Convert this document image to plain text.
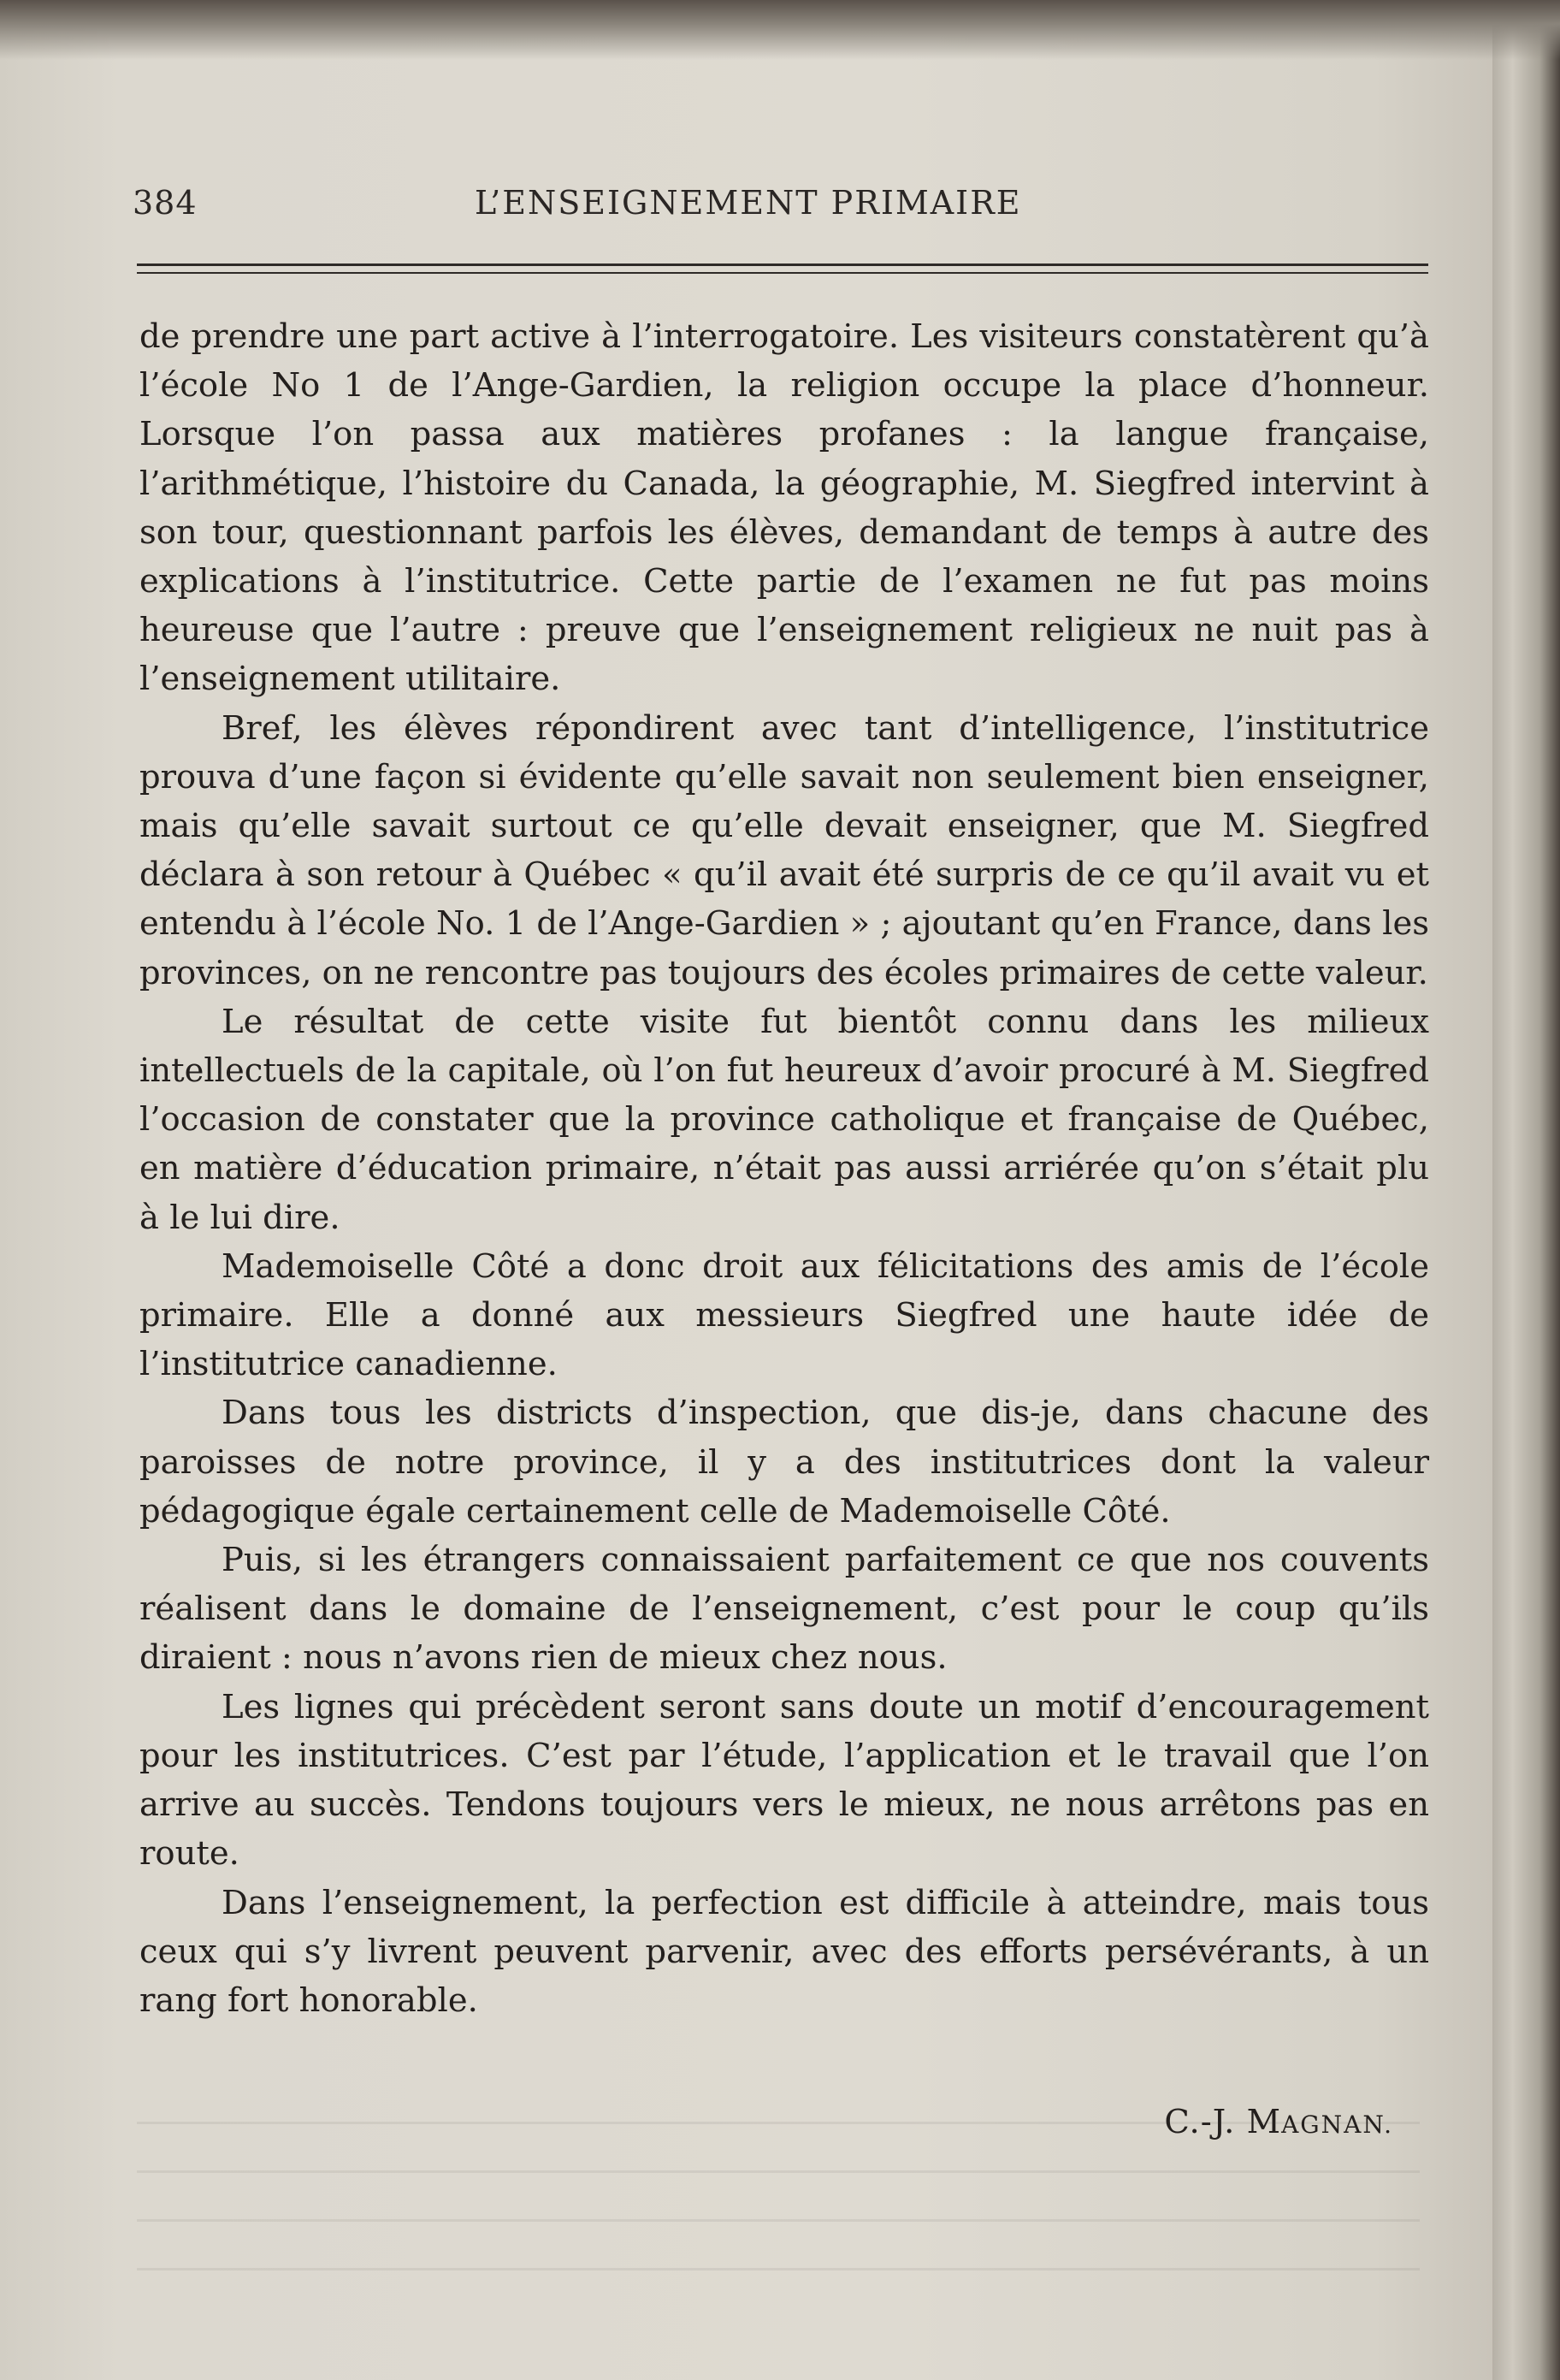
384	L’ENSEIGNEMENT PRIMAIRE

de prendre une part active à l’interrogatoire. Les visiteurs constatèrent qu’à l’école No 1 de l’Ange-Gardien, la religion occupe la place d’honneur. Lorsque l’on passa aux matières profanes : la langue française, l’arithmétique, l’histoire du Canada, la géographie, M. Siegfred intervint à son tour, questionnant parfois les élèves, demandant de temps à autre des explications à l’institutrice. Cette partie de l’examen ne fut pas moins heureuse que l’autre : preuve que l’enseignement religieux ne nuit pas à l’enseignement utilitaire.

Bref, les élèves répondirent avec tant d’intelligence, l’institutrice prouva d’une façon si évidente qu’elle savait non seulement bien enseigner, mais qu’elle savait surtout ce qu’elle devait enseigner, que M. Siegfred déclara à son retour à Québec « qu’il avait été surpris de ce qu’il avait vu et entendu à l’école No. 1 de l’Ange-Gardien » ; ajoutant qu’en France, dans les provinces, on ne rencontre pas toujours des écoles primaires de cette valeur.

Le résultat de cette visite fut bientôt connu dans les milieux intellectuels de la capitale, où l’on fut heureux d’avoir procuré à M. Siegfred l’occasion de constater que la province catholique et française de Québec, en matière d’éducation primaire, n’était pas aussi arriérée qu’on s’était plu à le lui dire.

Mademoiselle Côté a donc droit aux félicitations des amis de l’école primaire. Elle a donné aux messieurs Siegfred une haute idée de l’institutrice canadienne.

Dans tous les districts d’inspection, que dis-je, dans chacune des paroisses de notre province, il y a des institutrices dont la valeur pédagogique égale certainement celle de Mademoiselle Côté.

Puis, si les étrangers connaissaient parfaitement ce que nos couvents réalisent dans le domaine de l’enseignement, c’est pour le coup qu’ils diraient : nous n’avons rien de mieux chez nous.

Les lignes qui précèdent seront sans doute un motif d’encouragement pour les institutrices. C’est par l’étude, l’application et le travail que l’on arrive au succès. Tendons toujours vers le mieux, ne nous arrêtons pas en route.

Dans l’enseignement, la perfection est difficile à atteindre, mais tous ceux qui s’y livrent peuvent parvenir, avec des efforts persévérants, à un rang fort honorable.

C.-J. MAGNAN.
